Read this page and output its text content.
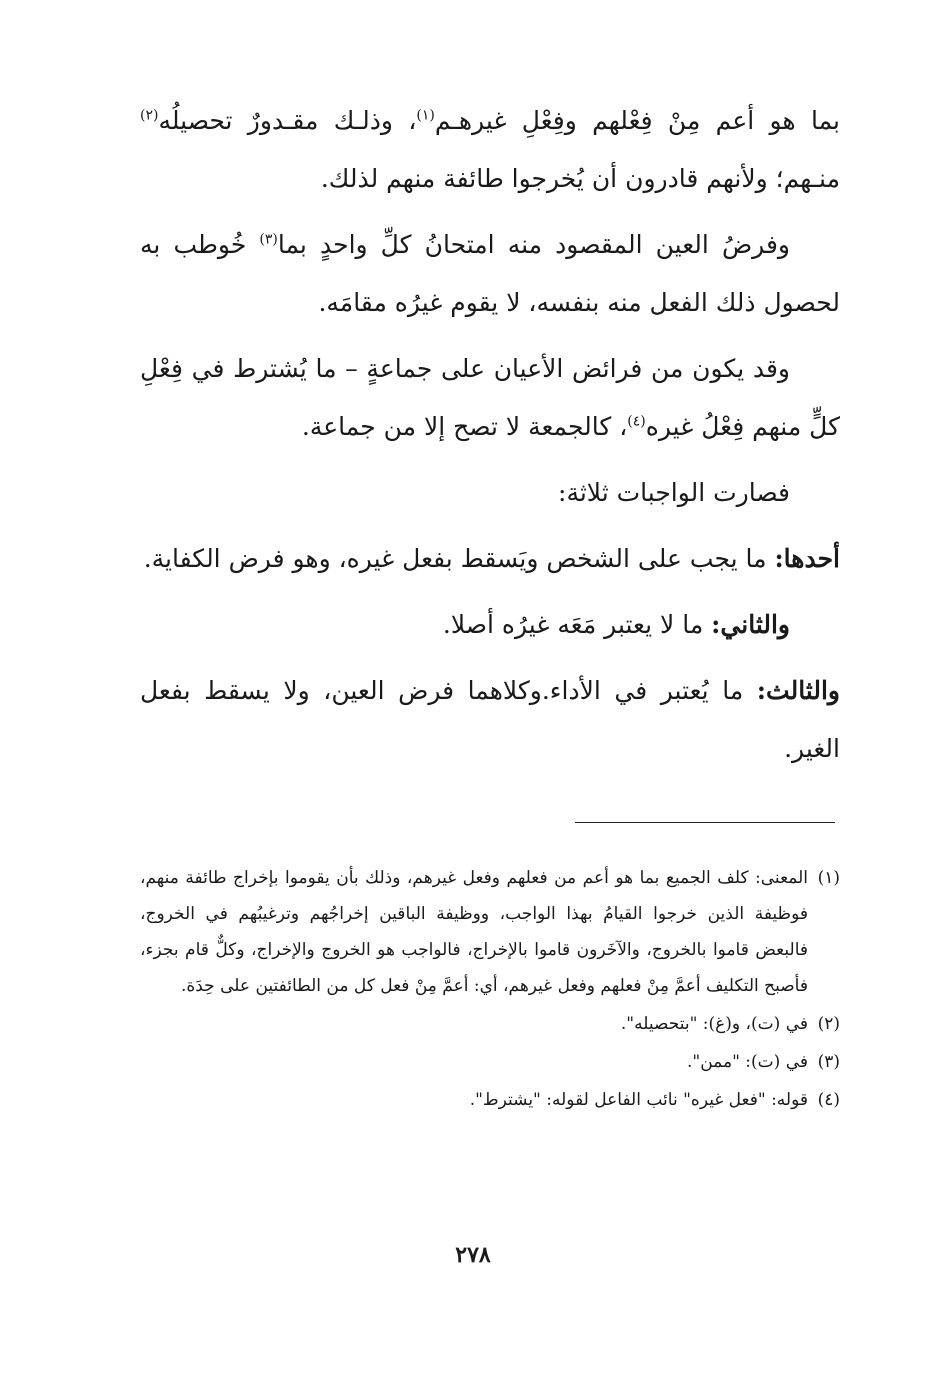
بما هو أعم مِنْ فِعْلهم وفِعْلِ غيرهـم$^{(١)}$، وذلـك مقـدورٌ تحصيلُه$^{(٢)}$ منـهم؛ ولأنهم قادرون أن يُخرجوا طائفة منهم لذلك.

وفرضُ العين المقصود منه امتحانُ كلِّ واحدٍ بما$^{(٣)}$ خُوطب به لحصول ذلك الفعل منه بنفسه، لا يقوم غيرُه مقامَه.

وقد يكون من فرائض الأعيان على جماعةٍ – ما يُشترط في فِعْلِ كلٍّ منهم فِعْلُ غيره$^{(٤)}$، كالجمعة لا تصح إلا من جماعة.

فصارت الواجبات ثلاثة:

أحدها: ما يجب على الشخص ويَسقط بفعل غيره، وهو فرض الكفاية.

والثاني: ما لا يعتبر مَعَه غيرُه أصلا.

والثالث: ما يُعتبر في الأداء.وكلاهما فرض العين، ولا يسقط بفعل الغير.

(١)المعنى: كلف الجميع بما هو أعم من فعلهم وفعل غيرهم، وذلك بأن يقوموا بإخراج طائفة منهم، فوظيفة الذين خرجوا القيامُ بهذا الواجب، ووظيفة الباقين إخراجُهم وترغيبُهم في الخروج، فالبعض قاموا بالخروج، والآخَرون قاموا بالإخراج، فالواجب هو الخروج والإخراج، وكلٌّ قام بجزء، فأصبح التكليف أعمَّ مِنْ فعلهم وفعل غيرهم، أي: أعمَّ مِنْ فعل كل من الطائفتين على حِدَة.
(٢)في (ت)، و(غ): "بتحصيله".
(٣)في (ت): "ممن".
(٤)قوله: "فعل غيره" نائب الفاعل لقوله: "يشترط".
٢٧٨
